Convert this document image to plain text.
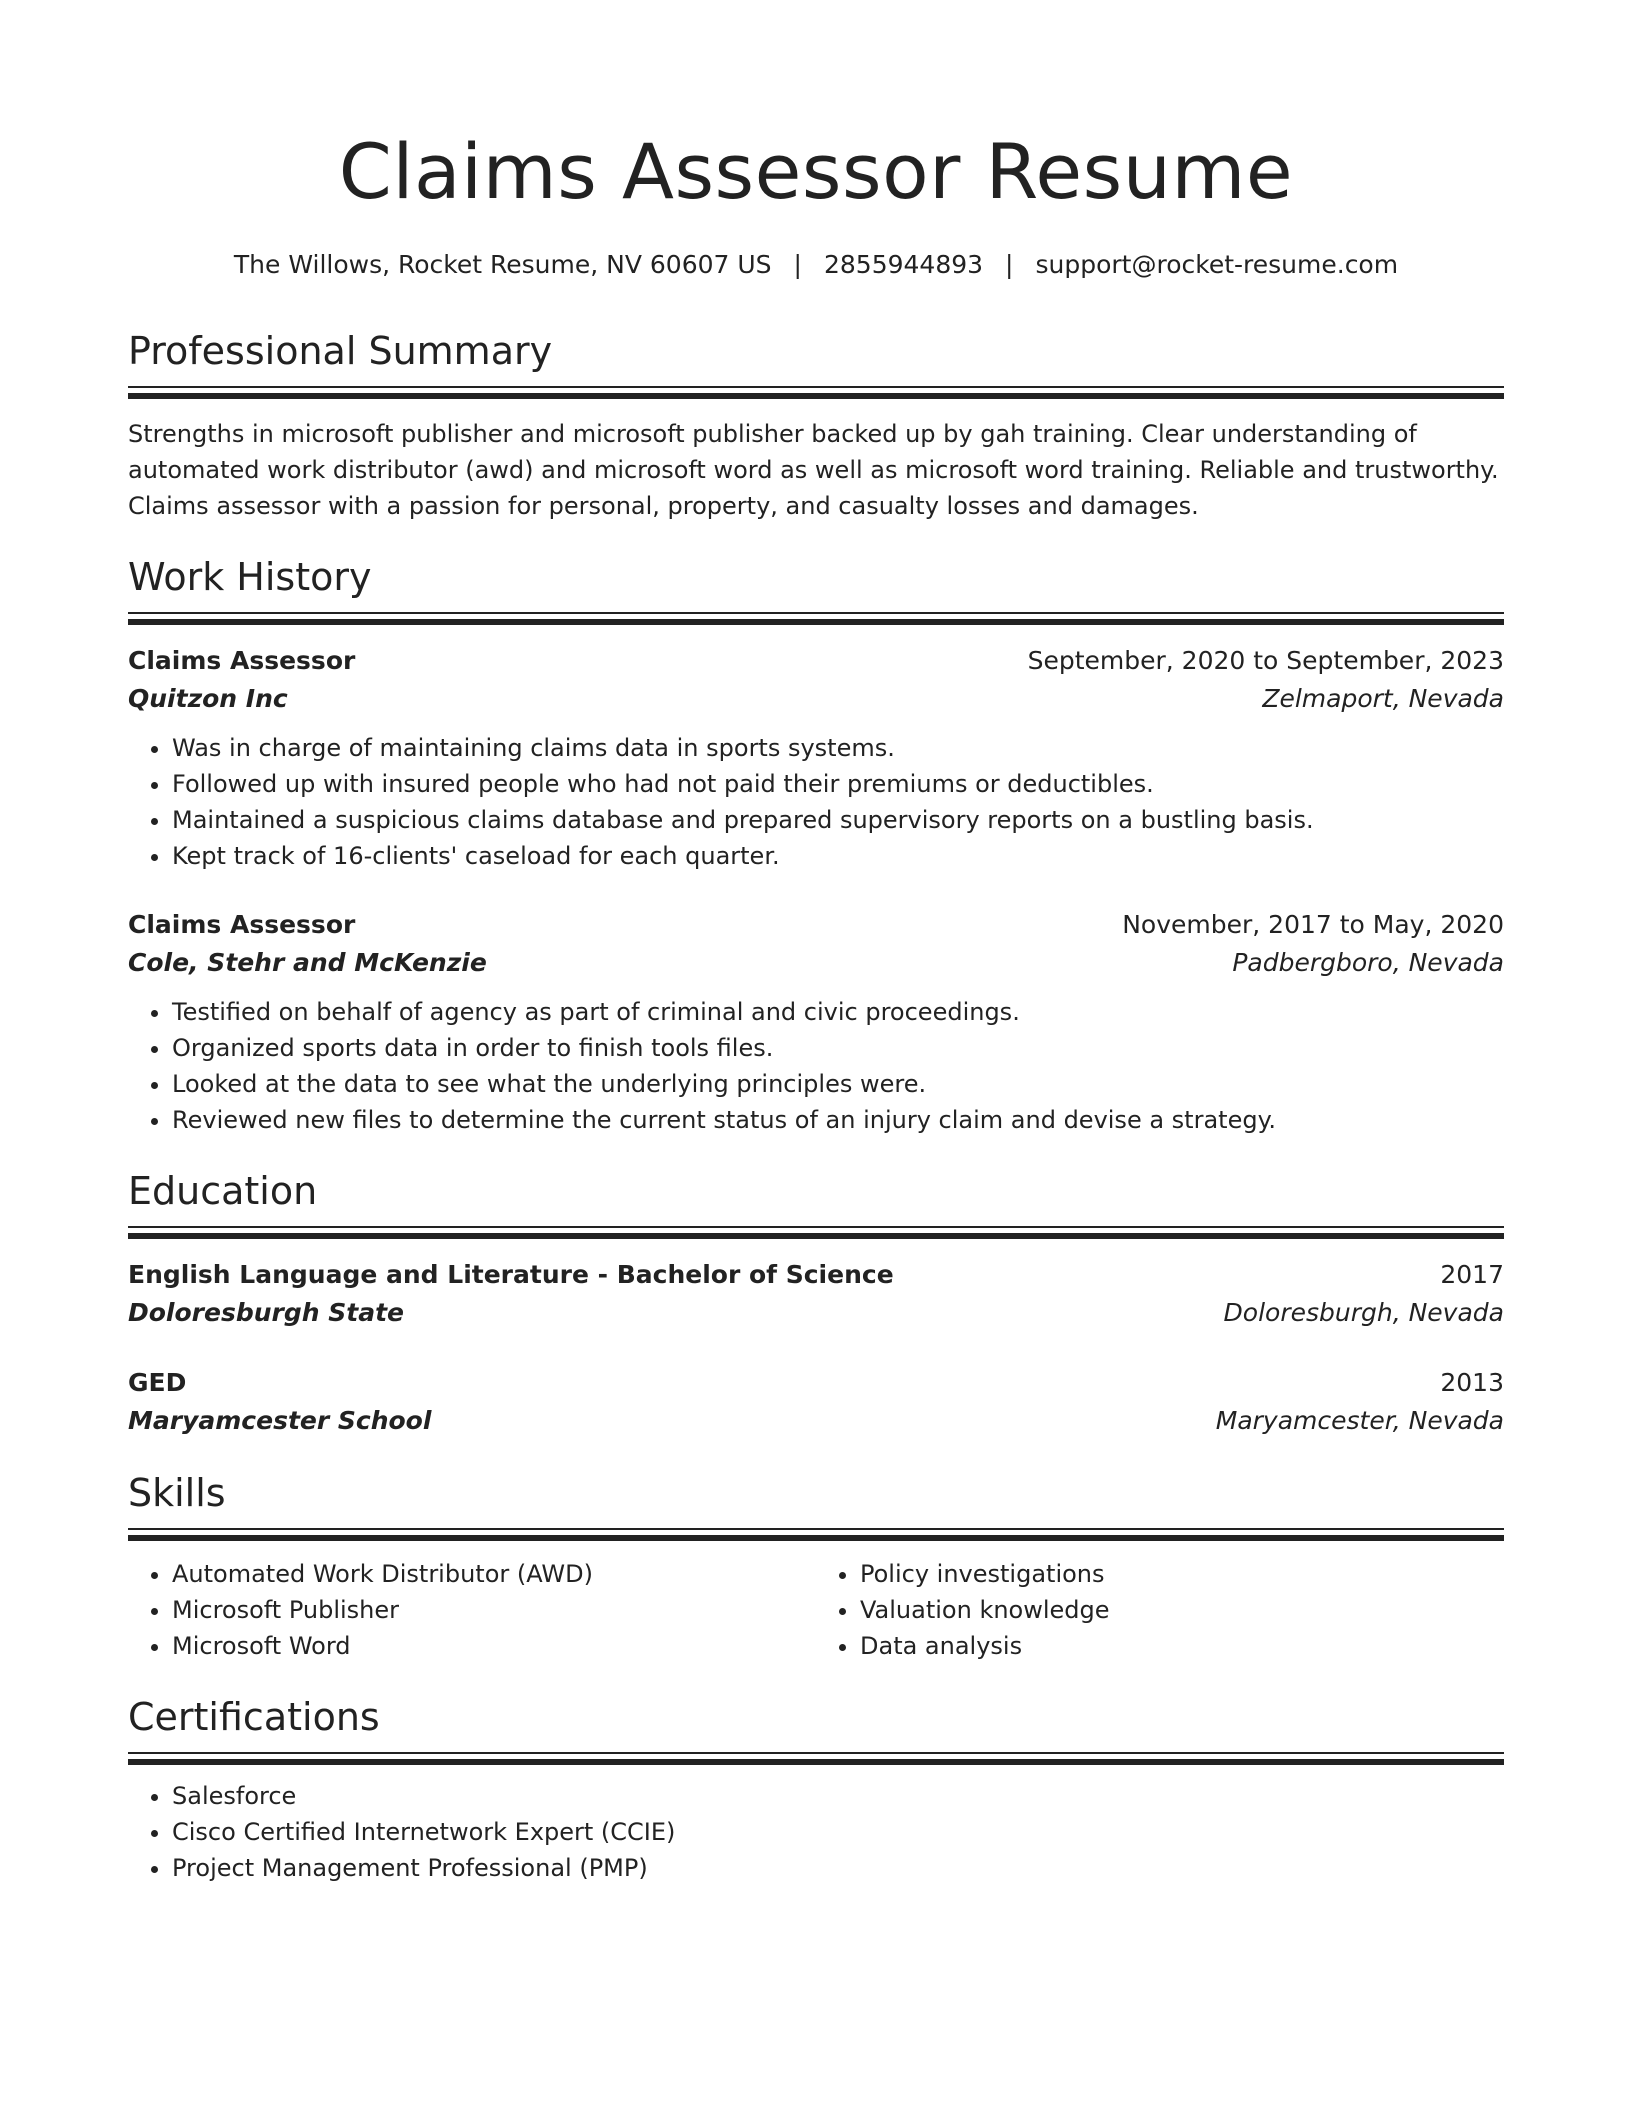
Claims Assessor Resume
The Willows, Rocket Resume, NV 60607 US | 2855944893 | support@rocket-resume.com
Professional Summary

Strengths in microsoft publisher and microsoft publisher backed up by gah training. Clear understanding of automated work distributor (awd) and microsoft word as well as microsoft word training. Reliable and trustworthy. Claims assessor with a passion for personal, property, and casualty losses and damages.

Work History
Claims Assessor	September, 2020 to September, 2023
Quitzon Inc	Zelmaport, Nevada
• Was in charge of maintaining claims data in sports systems.
• Followed up with insured people who had not paid their premiums or deductibles.
• Maintained a suspicious claims database and prepared supervisory reports on a bustling basis.
• Kept track of 16-clients' caseload for each quarter.
Claims Assessor	November, 2017 to May, 2020
Cole, Stehr and McKenzie	Padbergboro, Nevada
• Testified on behalf of agency as part of criminal and civic proceedings.
• Organized sports data in order to finish tools files.
• Looked at the data to see what the underlying principles were.
• Reviewed new files to determine the current status of an injury claim and devise a strategy.
Education
English Language and Literature - Bachelor of Science	2017
Doloresburgh State	Doloresburgh, Nevada
GED	2013
Maryamcester School	Maryamcester, Nevada
Skills
• Automated Work Distributor (AWD)
• Microsoft Publisher
• Microsoft Word
• Policy investigations
• Valuation knowledge
• Data analysis
Certifications
• Salesforce
• Cisco Certified Internetwork Expert (CCIE)
• Project Management Professional (PMP)
